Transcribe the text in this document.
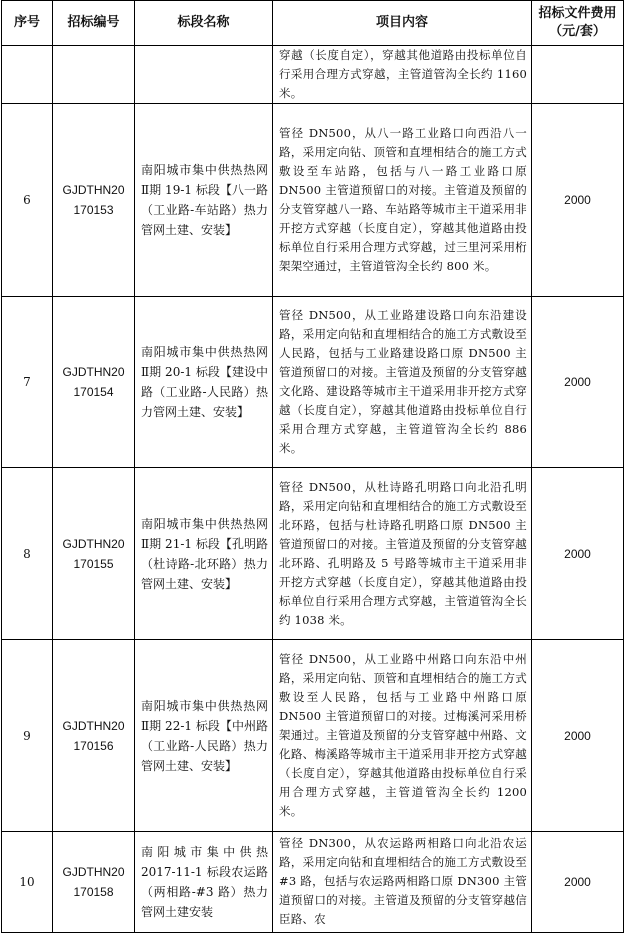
序号	招标编号	标段名称	项目内容	招标文件费用（元/套）
			穿越（长度自定），穿越其他道路由投标单位自行采用合理方式穿越，主管道管沟全长约 1160 米。	
6	GJDTHN20 170153	南阳城市集中供热热网Ⅱ期 19-1 标段【八一路（工业路-车站路）热力管网土建、安装】	管径 DN500，从八一路工业路口向西沿八一路，采用定向钻、顶管和直埋相结合的施工方式敷设至车站路，包括与八一路工业路口原 DN500 主管道预留口的对接。主管道及预留的分支管穿越八一路、车站路等城市主干道采用非开挖方式穿越（长度自定），穿越其他道路由投标单位自行采用合理方式穿越，过三里河采用桁架架空通过，主管道管沟全长约 800 米。	2000
7	GJDTHN20 170154	南阳城市集中供热热网Ⅱ期 20-1 标段【建设中路（工业路-人民路）热力管网土建、安装】	管径 DN500，从工业路建设路口向东沿建设路，采用定向钻和直埋相结合的施工方式敷设至人民路，包括与工业路建设路口原 DN500 主管道预留口的对接。主管道及预留的分支管穿越文化路、建设路等城市主干道采用非开挖方式穿越（长度自定），穿越其他道路由投标单位自行采用合理方式穿越，主管道管沟全长约 886 米。	2000
8	GJDTHN20 170155	南阳城市集中供热热网Ⅱ期 21-1 标段【孔明路（杜诗路-北环路）热力管网土建、安装】	管径 DN500，从杜诗路孔明路口向北沿孔明路，采用定向钻和直埋相结合的施工方式敷设至北环路，包括与杜诗路孔明路口原 DN500 主管道预留口的对接。主管道及预留的分支管穿越北环路、孔明路及 5 号路等城市主干道采用非开挖方式穿越（长度自定），穿越其他道路由投标单位自行采用合理方式穿越，主管道管沟全长约 1038 米。	2000
9	GJDTHN20 170156	南阳城市集中供热热网Ⅱ期 22-1 标段【中州路（工业路-人民路）热力管网土建、安装】	管径 DN500，从工业路中州路口向东沿中州路，采用定向钻、顶管和直埋相结合的施工方式敷设至人民路，包括与工业路中州路口原 DN500 主管道预留口的对接。过梅溪河采用桥架通过。主管道及预留的分支管穿越中州路、文化路、梅溪路等城市主干道采用非开挖方式穿越（长度自定），穿越其他道路由投标单位自行采用合理方式穿越，主管道管沟全长约 1200 米。	2000
10	GJDTHN20 170158	南阳城市集中供热 2017-11-1 标段农运路（两相路-#3 路）热力管网土建安装	管径 DN300，从农运路两相路口向北沿农运路，采用定向钻和直埋相结合的施工方式敷设至#3 路，包括与农运路两相路口原 DN300 主管道预留口的对接。主管道及预留的分支管穿越信臣路、农	2000
